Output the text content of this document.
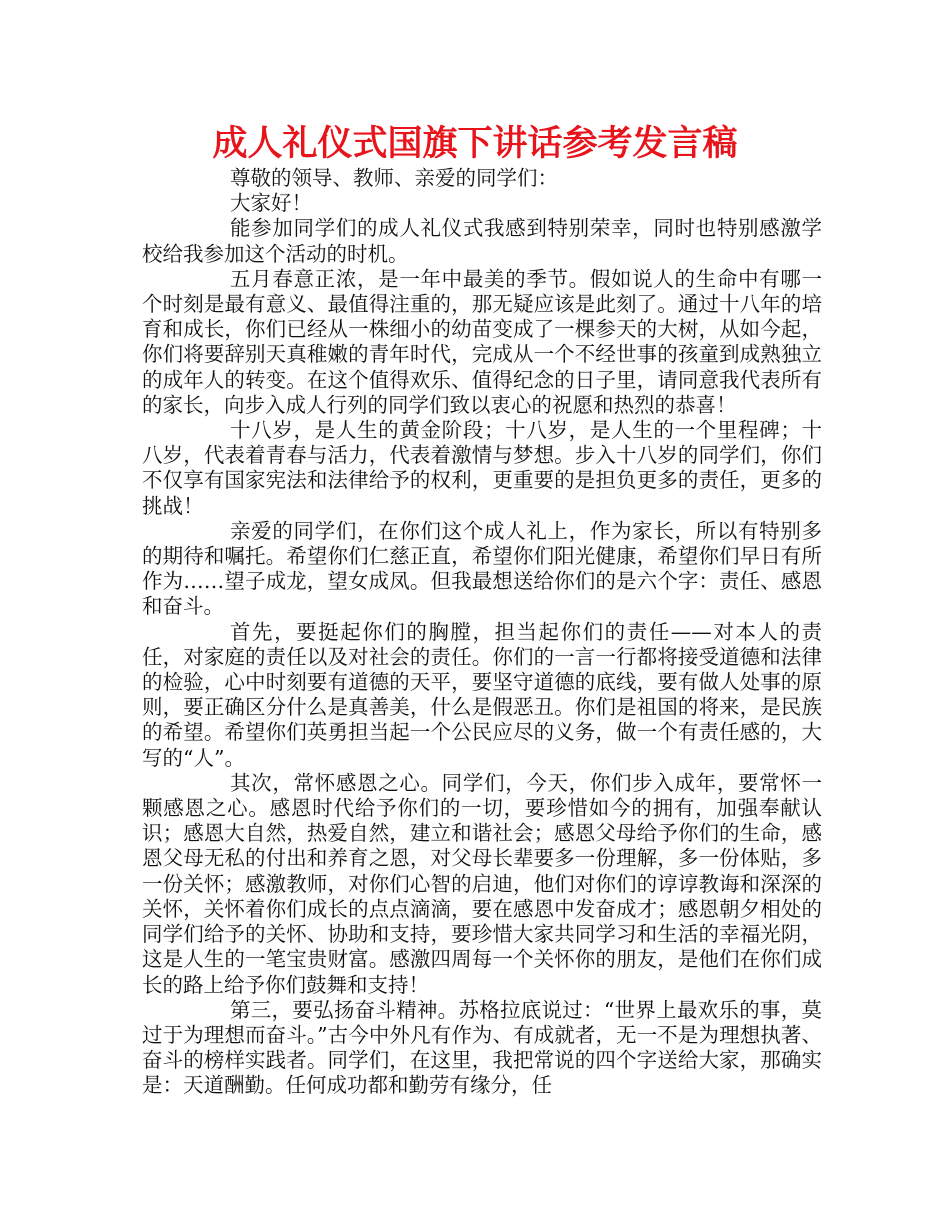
成人礼仪式国旗下讲话参考发言稿

尊敬的领导、教师、亲爱的同学们：

大家好！

能参加同学们的成人礼仪式我感到特别荣幸，同时也特别感激学校给我参加这个活动的时机。

五月春意正浓，是一年中最美的季节。假如说人的生命中有哪一个时刻是最有意义、最值得注重的，那无疑应该是此刻了。通过十八年的培育和成长，你们已经从一株细小的幼苗变成了一棵参天的大树，从如今起，你们将要辞别天真稚嫩的青年时代，完成从一个不经世事的孩童到成熟独立的成年人的转变。在这个值得欢乐、值得纪念的日子里，请同意我代表所有的家长，向步入成人行列的同学们致以衷心的祝愿和热烈的恭喜！

十八岁，是人生的黄金阶段；十八岁，是人生的一个里程碑；十八岁，代表着青春与活力，代表着激情与梦想。步入十八岁的同学们，你们不仅享有国家宪法和法律给予的权利，更重要的是担负更多的责任，更多的挑战！

亲爱的同学们，在你们这个成人礼上，作为家长，所以有特别多的期待和嘱托。希望你们仁慈正直，希望你们阳光健康，希望你们早日有所作为……望子成龙，望女成凤。但我最想送给你们的是六个字：责任、感恩和奋斗。

首先，要挺起你们的胸膛，担当起你们的责任——对本人的责任，对家庭的责任以及对社会的责任。你们的一言一行都将接受道德和法律的检验，心中时刻要有道德的天平，要坚守道德的底线，要有做人处事的原则，要正确区分什么是真善美，什么是假恶丑。你们是祖国的将来，是民族的希望。希望你们英勇担当起一个公民应尽的义务，做一个有责任感的，大写的“人”。

其次，常怀感恩之心。同学们，今天，你们步入成年，要常怀一颗感恩之心。感恩时代给予你们的一切，要珍惜如今的拥有，加强奉献认识；感恩大自然，热爱自然，建立和谐社会；感恩父母给予你们的生命，感恩父母无私的付出和养育之恩，对父母长辈要多一份理解，多一份体贴，多一份关怀；感激教师，对你们心智的启迪，他们对你们的谆谆教诲和深深的关怀，关怀着你们成长的点点滴滴，要在感恩中发奋成才；感恩朝夕相处的同学们给予的关怀、协助和支持，要珍惜大家共同学习和生活的幸福光阴，这是人生的一笔宝贵财富。感激四周每一个关怀你的朋友，是他们在你们成长的路上给予你们鼓舞和支持！

第三，要弘扬奋斗精神。苏格拉底说过：“世界上最欢乐的事，莫过于为理想而奋斗。”古今中外凡有作为、有成就者，无一不是为理想执著、奋斗的榜样实践者。同学们，在这里，我把常说的四个字送给大家，那确实是：天道酬勤。任何成功都和勤劳有缘分，任
